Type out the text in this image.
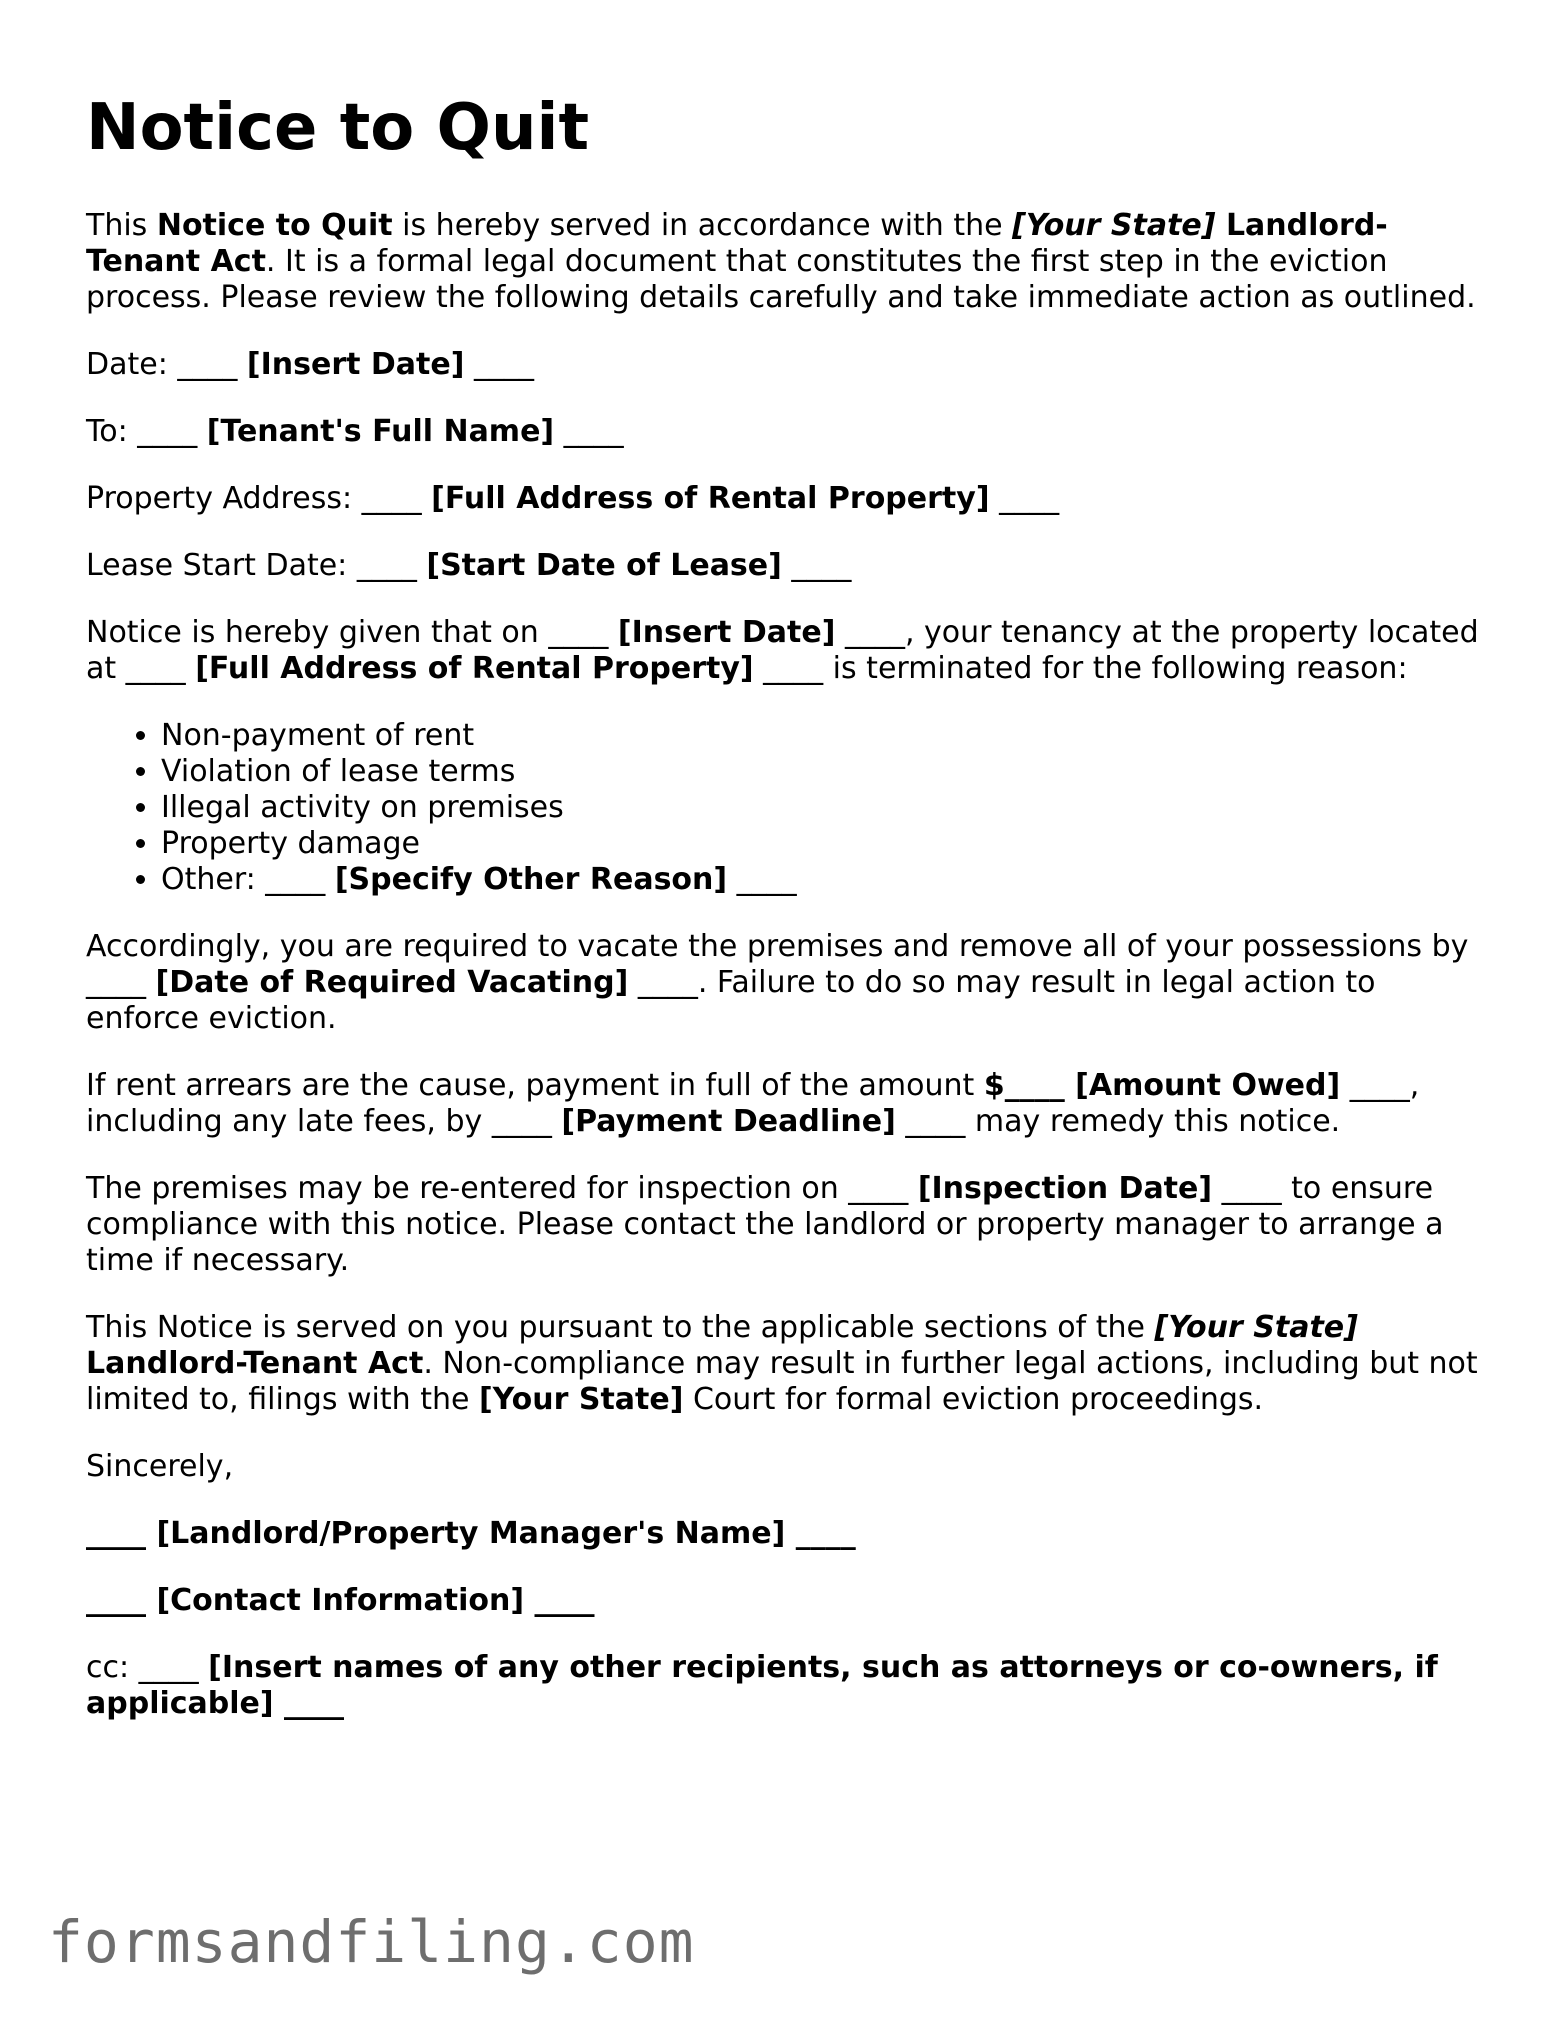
Notice to Quit

This Notice to Quit is hereby served in accordance with the [Your State] Landlord-Tenant Act. It is a formal legal document that constitutes the first step in the eviction process. Please review the following details carefully and take immediate action as outlined.

Date: ____ [Insert Date] ____

To: ____ [Tenant's Full Name] ____

Property Address: ____ [Full Address of Rental Property] ____

Lease Start Date: ____ [Start Date of Lease] ____

Notice is hereby given that on ____ [Insert Date] ____, your tenancy at the property located at ____ [Full Address of Rental Property] ____ is terminated for the following reason:

• Non-payment of rent
• Violation of lease terms
• Illegal activity on premises
• Property damage
• Other: ____ [Specify Other Reason] ____

Accordingly, you are required to vacate the premises and remove all of your possessions by ____ [Date of Required Vacating] ____. Failure to do so may result in legal action to enforce eviction.

If rent arrears are the cause, payment in full of the amount $____ [Amount Owed] ____, including any late fees, by ____ [Payment Deadline] ____ may remedy this notice.

The premises may be re-entered for inspection on ____ [Inspection Date] ____ to ensure compliance with this notice. Please contact the landlord or property manager to arrange a time if necessary.

This Notice is served on you pursuant to the applicable sections of the [Your State] Landlord-Tenant Act. Non-compliance may result in further legal actions, including but not limited to, filings with the [Your State] Court for formal eviction proceedings.

Sincerely,

____ [Landlord/Property Manager's Name] ____

____ [Contact Information] ____

cc: ____ [Insert names of any other recipients, such as attorneys or co-owners, if applicable] ____

formsandfiling.com
